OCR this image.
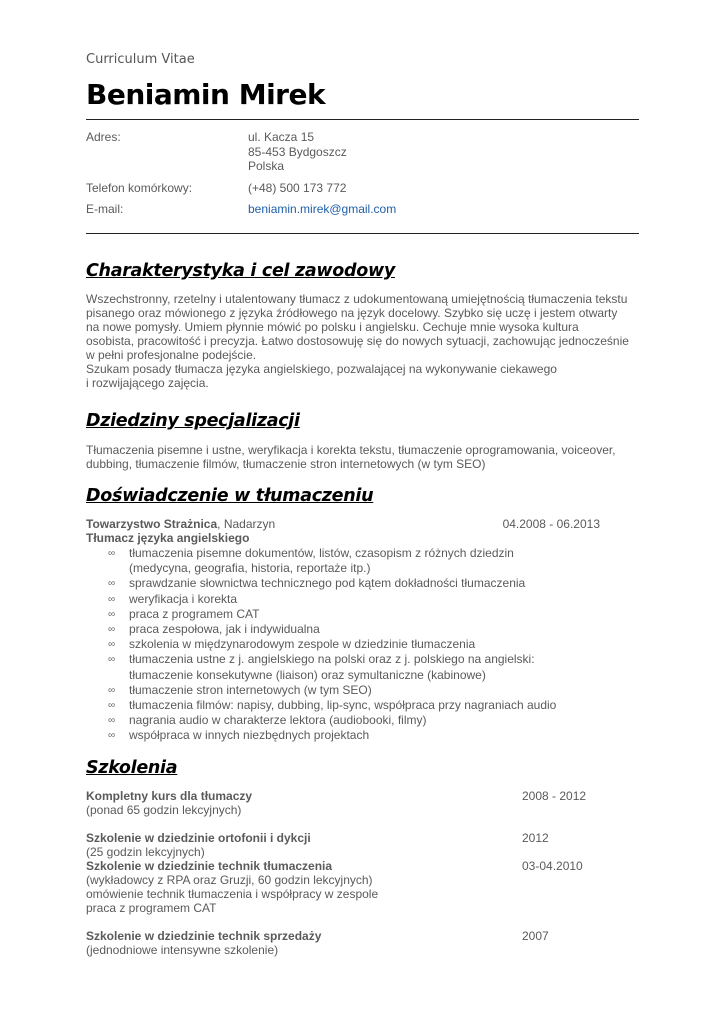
Curriculum Vitae
Beniamin Mirek
Adres:	ul. Kacza 15
85-453 Bydgoszcz
Polska
Telefon komórkowy:	(+48) 500 173 772
E-mail:	beniamin.mirek@gmail.com
Charakterystyka i cel zawodowy

Wszechstronny, rzetelny i utalentowany tłumacz z udokumentowaną umiejętnością tłumaczenia tekstu

pisanego oraz mówionego z języka źródłowego na język docelowy. Szybko się uczę i jestem otwarty

na nowe pomysły. Umiem płynnie mówić po polsku i angielsku. Cechuje mnie wysoka kultura

osobista, pracowitość i precyzja. Łatwo dostosowuję się do nowych sytuacji, zachowując jednocześnie

w pełni profesjonalne podejście.

Szukam posady tłumacza języka angielskiego, pozwalającej na wykonywanie ciekawego

i rozwijającego zajęcia.

Dziedziny specjalizacji

Tłumaczenia pisemne i ustne, weryfikacja i korekta tekstu, tłumaczenie oprogramowania, voiceover,

dubbing, tłumaczenie filmów, tłumaczenie stron internetowych (w tym SEO)

Doświadczenie w tłumaczeniu
Towarzystwo Strażnica, Nadarzyn	04.2008 - 06.2013
Tłumacz języka angielskiego
∞ tłumaczenia pisemne dokumentów, listów, czasopism z różnych dziedzin
(medycyna, geografia, historia, reportaże itp.)
∞ sprawdzanie słownictwa technicznego pod kątem dokładności tłumaczenia
∞ weryfikacja i korekta
∞ praca z programem CAT
∞ praca zespołowa, jak i indywidualna
∞ szkolenia w międzynarodowym zespole w dziedzinie tłumaczenia
∞ tłumaczenia ustne z j. angielskiego na polski oraz z j. polskiego na angielski:
tłumaczenie konsekutywne (liaison) oraz symultaniczne (kabinowe)
∞ tłumaczenie stron internetowych (w tym SEO)
∞ tłumaczenia filmów: napisy, dubbing, lip-sync, współpraca przy nagraniach audio
∞ nagrania audio w charakterze lektora (audiobooki, filmy)
∞ współpraca w innych niezbędnych projektach
Szkolenia
Kompletny kurs dla tłumaczy	2008 - 2012
(ponad 65 godzin lekcyjnych)
Szkolenie w dziedzinie ortofonii i dykcji	2012
(25 godzin lekcyjnych)
Szkolenie w dziedzinie technik tłumaczenia	03-04.2010
(wykładowcy z RPA oraz Gruzji, 60 godzin lekcyjnych)
omówienie technik tłumaczenia i współpracy w zespole
praca z programem CAT
Szkolenie w dziedzinie technik sprzedaży	2007
(jednodniowe intensywne szkolenie)
